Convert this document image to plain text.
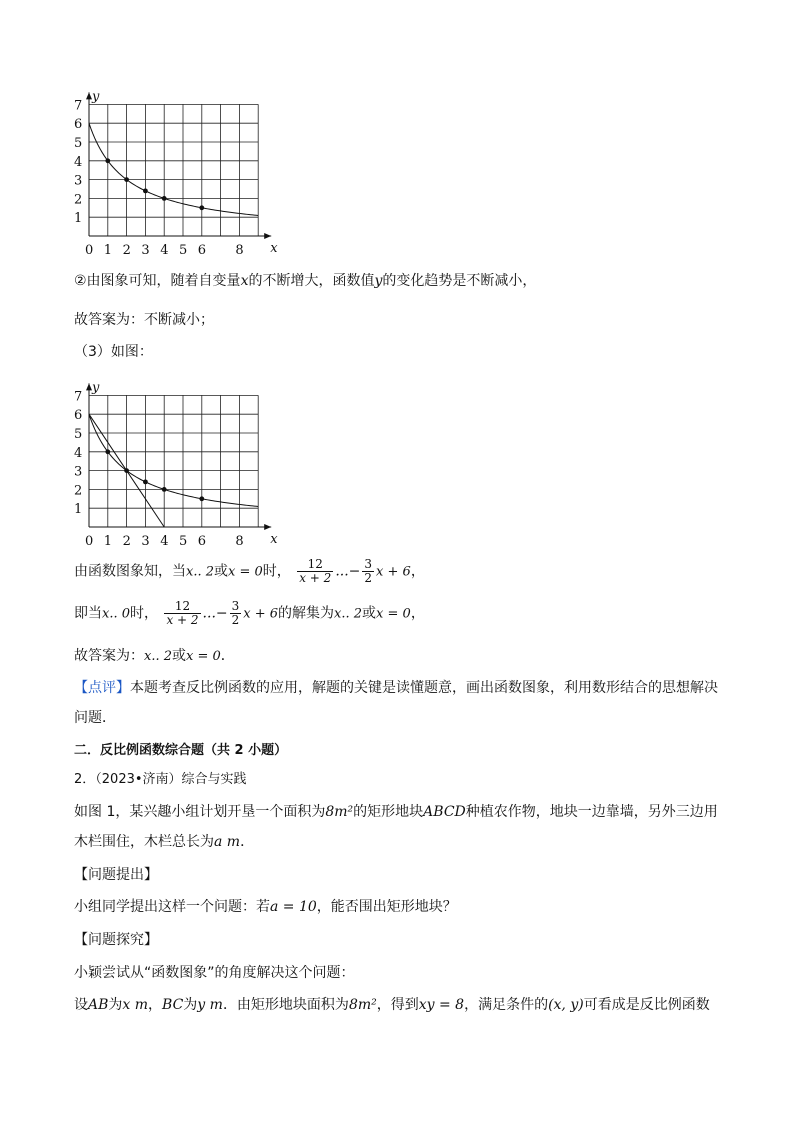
x
y
0 1 2 3 4 5 6 8
1
2
3
4
5
6
7
②由图象可知，随着自变量x的不断增大，函数值y的变化趋势是不断减小，
故答案为：不断减小；
（3）如图：
x
y
0 1 2 3 4 5 6 8
1
2
3
4
5
6
7
由函数图象知，当x.. 2或x = 0时， $\frac{12}{x + 2}$ ...− $\frac{3}{2}$ x + 6，
即当x.. 0时， $\frac{12}{x + 2}$ ...− $\frac{3}{2}$ x + 6的解集为x.. 2或x = 0，
故答案为：x.. 2或x = 0．
【点评】本题考查反比例函数的应用，解题的关键是读懂题意，画出函数图象，利用数形结合的思想解决
问题．
二．反比例函数综合题（共 2 小题）
2．（2023•济南）综合与实践
如图 1，某兴趣小组计划开垦一个面积为8m²的矩形地块ABCD种植农作物，地块一边靠墙，另外三边用
木栏围住，木栏总长为a m．
【问题提出】
小组同学提出这样一个问题：若a = 10，能否围出矩形地块？
【问题探究】
小颖尝试从“函数图象”的角度解决这个问题：
设AB为x m，BC为y m．由矩形地块面积为8m²，得到xy = 8，满足条件的(x, y)可看成是反比例函数
